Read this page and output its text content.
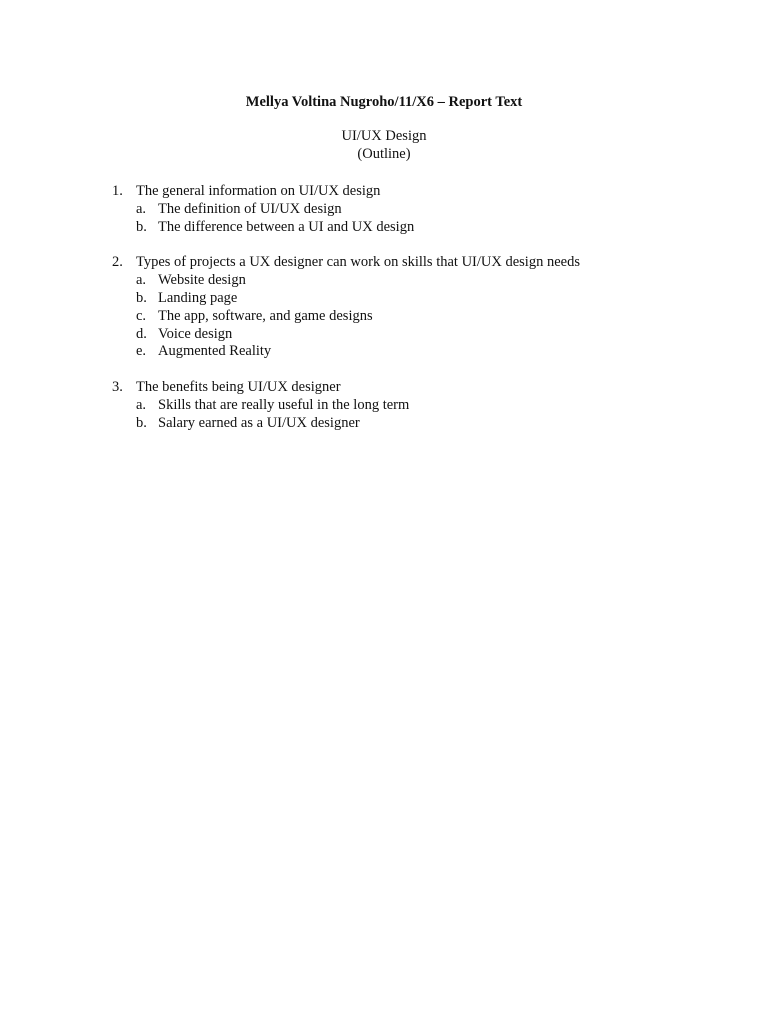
Mellya Voltina Nugroho/11/X6 – Report Text

UI/UX Design

(Outline)

1. The general information on UI/UX design
a. The definition of UI/UX design
b. The difference between a UI and UX design
2. Types of projects a UX designer can work on skills that UI/UX design needs
a. Website design
b. Landing page
c. The app, software, and game designs
d. Voice design
e. Augmented Reality
3. The benefits being UI/UX designer
a. Skills that are really useful in the long term
b. Salary earned as a UI/UX designer
